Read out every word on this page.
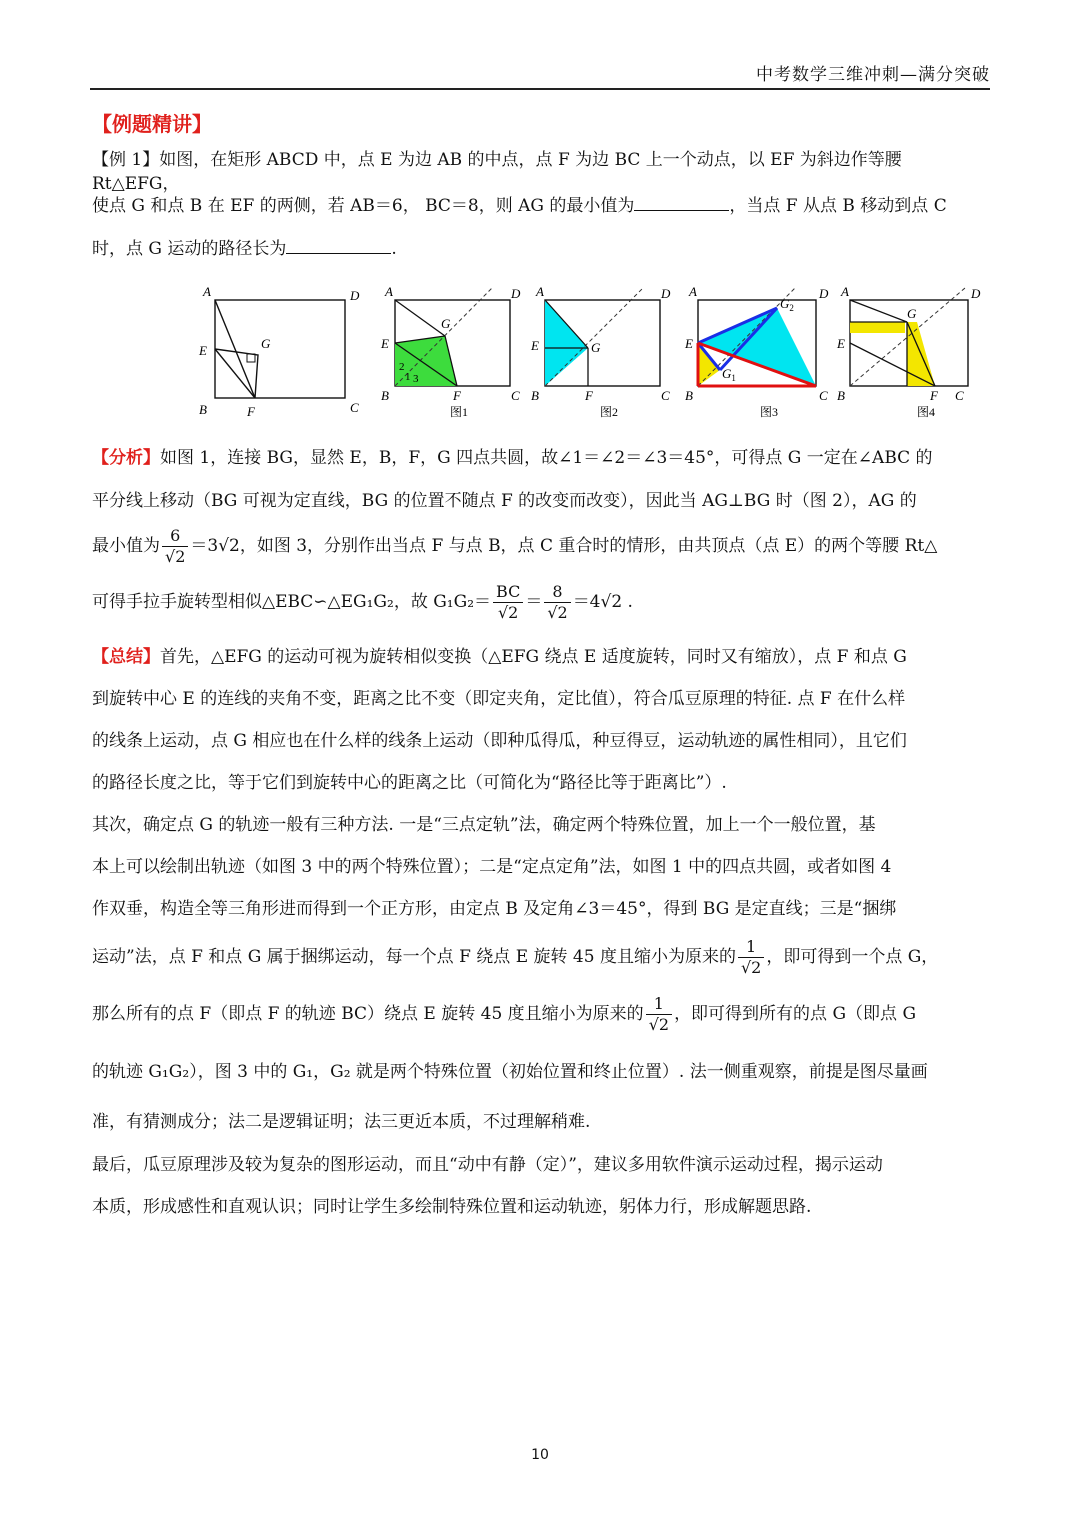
中考数学三维冲刺—满分突破
【例题精讲】
【例 1】如图，在矩形 ABCD 中，点 E 为边 AB 的中点，点 F 为边 BC 上一个动点，以 EF 为斜边作等腰 Rt△EFG，
使点 G 和点 B 在 EF 的两侧，若 AB＝6， BC＝8，则 AG 的最小值为	，当点 F 从点 B 移动到点 C
时，点 G 运动的路径长为	.
A	D
E	G
B	F	C
A	D
E
G
B	F	C
2
1 3
图1
A	D
E	G
B	F	C
图2
A	D
E
$G_2$
$G_1$
B	C
图3
A	D
E
G
B	F C
图4
【分析】如图 1，连接 BG，显然 E，B，F，G 四点共圆，故∠1＝∠2＝∠3＝45°，可得点 G 一定在∠ABC 的
平分线上移动（BG 可视为定直线，BG 的位置不随点 F 的改变而改变），因此当 AG⊥BG 时（图 2），AG 的
最小值为 $\frac{6}{√2} =3√2$，如图 3，分别作出当点 F 与点 B，点 C 重合时的情形，由共顶点（点 E）的两个等腰 Rt△
可得手拉手旋转型相似△EBC∽△EG₁G₂，故 $G_1G_2= \frac{BC}{√2} = \frac{8}{√2} =4√2$ .
【总结】首先，△EFG 的运动可视为旋转相似变换（△EFG 绕点 E 适度旋转，同时又有缩放），点 F 和点 G
到旋转中心 E 的连线的夹角不变，距离之比不变（即定夹角，定比值），符合瓜豆原理的特征. 点 F 在什么样
的线条上运动，点 G 相应也在什么样的线条上运动（即种瓜得瓜，种豆得豆，运动轨迹的属性相同），且它们
的路径长度之比，等于它们到旋转中心的距离之比（可简化为“路径比等于距离比”）.
其次，确定点 G 的轨迹一般有三种方法. 一是“三点定轨”法，确定两个特殊位置，加上一个一般位置，基
本上可以绘制出轨迹（如图 3 中的两个特殊位置）；二是“定点定角”法，如图 1 中的四点共圆，或者如图 4
作双垂，构造全等三角形进而得到一个正方形，由定点 B 及定角∠3＝45°，得到 BG 是定直线；三是“捆绑
运动”法，点 F 和点 G 属于捆绑运动，每一个点 F 绕点 E 旋转 45 度且缩小为原来的 $\frac{1}{√2}$ ，即可得到一个点 G，
那么所有的点 F（即点 F 的轨迹 BC）绕点 E 旋转 45 度且缩小为原来的 $\frac{1}{√2}$ ，即可得到所有的点 G（即点 G
的轨迹 G₁G₂），图 3 中的 G₁，G₂ 就是两个特殊位置（初始位置和终止位置）. 法一侧重观察，前提是图尽量画
准，有猜测成分；法二是逻辑证明；法三更近本质，不过理解稍难.
最后，瓜豆原理涉及较为复杂的图形运动，而且“动中有静（定）”，建议多用软件演示运动过程，揭示运动
本质，形成感性和直观认识；同时让学生多绘制特殊位置和运动轨迹，躬体力行，形成解题思路.
10
